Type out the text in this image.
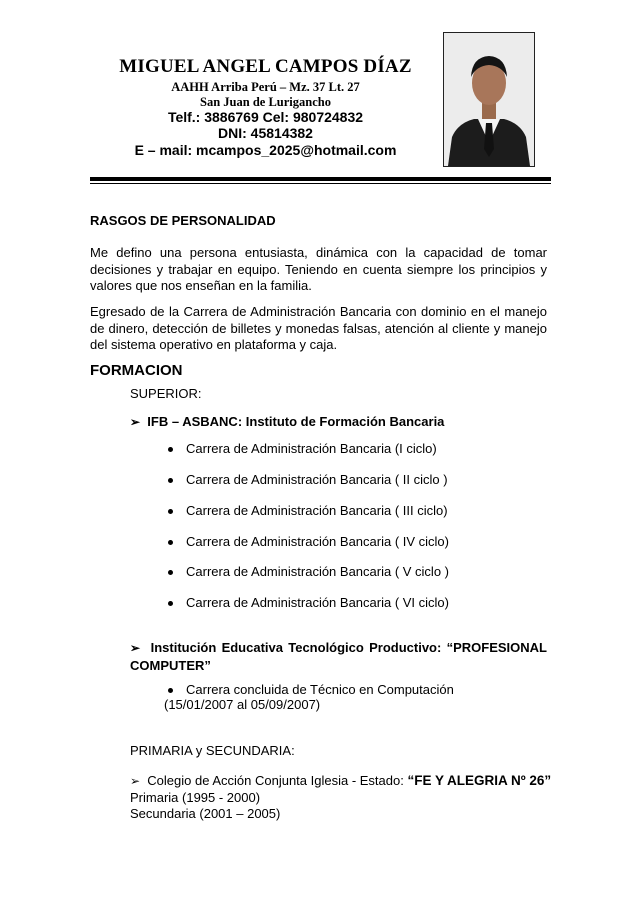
MIGUEL ANGEL CAMPOS DÍAZ
AAHH Arriba Perú – Mz. 37 Lt. 27
San Juan de Lurigancho
Telf.: 3886769 Cel: 980724832
DNI: 45814382
E – mail: mcampos_2025@hotmail.com
RASGOS DE PERSONALIDAD
Me defino una persona entusiasta, dinámica con la capacidad de tomar decisiones y trabajar en equipo. Teniendo en cuenta siempre los principios y valores que nos enseñan en la familia.
Egresado de la Carrera de Administración Bancaria con dominio en el manejo de dinero, detección de billetes y monedas falsas, atención al cliente y manejo del sistema operativo en plataforma y caja.
FORMACION
SUPERIOR:
➢ IFB – ASBANC: Instituto de Formación Bancaria
Carrera de Administración Bancaria (I ciclo)
Carrera de Administración Bancaria ( II ciclo )
Carrera de Administración Bancaria ( III ciclo)
Carrera de Administración Bancaria ( IV ciclo)
Carrera de Administración Bancaria ( V ciclo )
Carrera de Administración Bancaria ( VI ciclo)
➢ Institución Educativa Tecnológico Productivo: “PROFESIONAL COMPUTER”
Carrera concluida de Técnico en Computación
(15/01/2007 al 05/09/2007)
PRIMARIA y SECUNDARIA:
➢ Colegio de Acción Conjunta Iglesia - Estado: “FE Y ALEGRIA Nº 26”
Primaria (1995 - 2000)
Secundaria (2001 – 2005)
